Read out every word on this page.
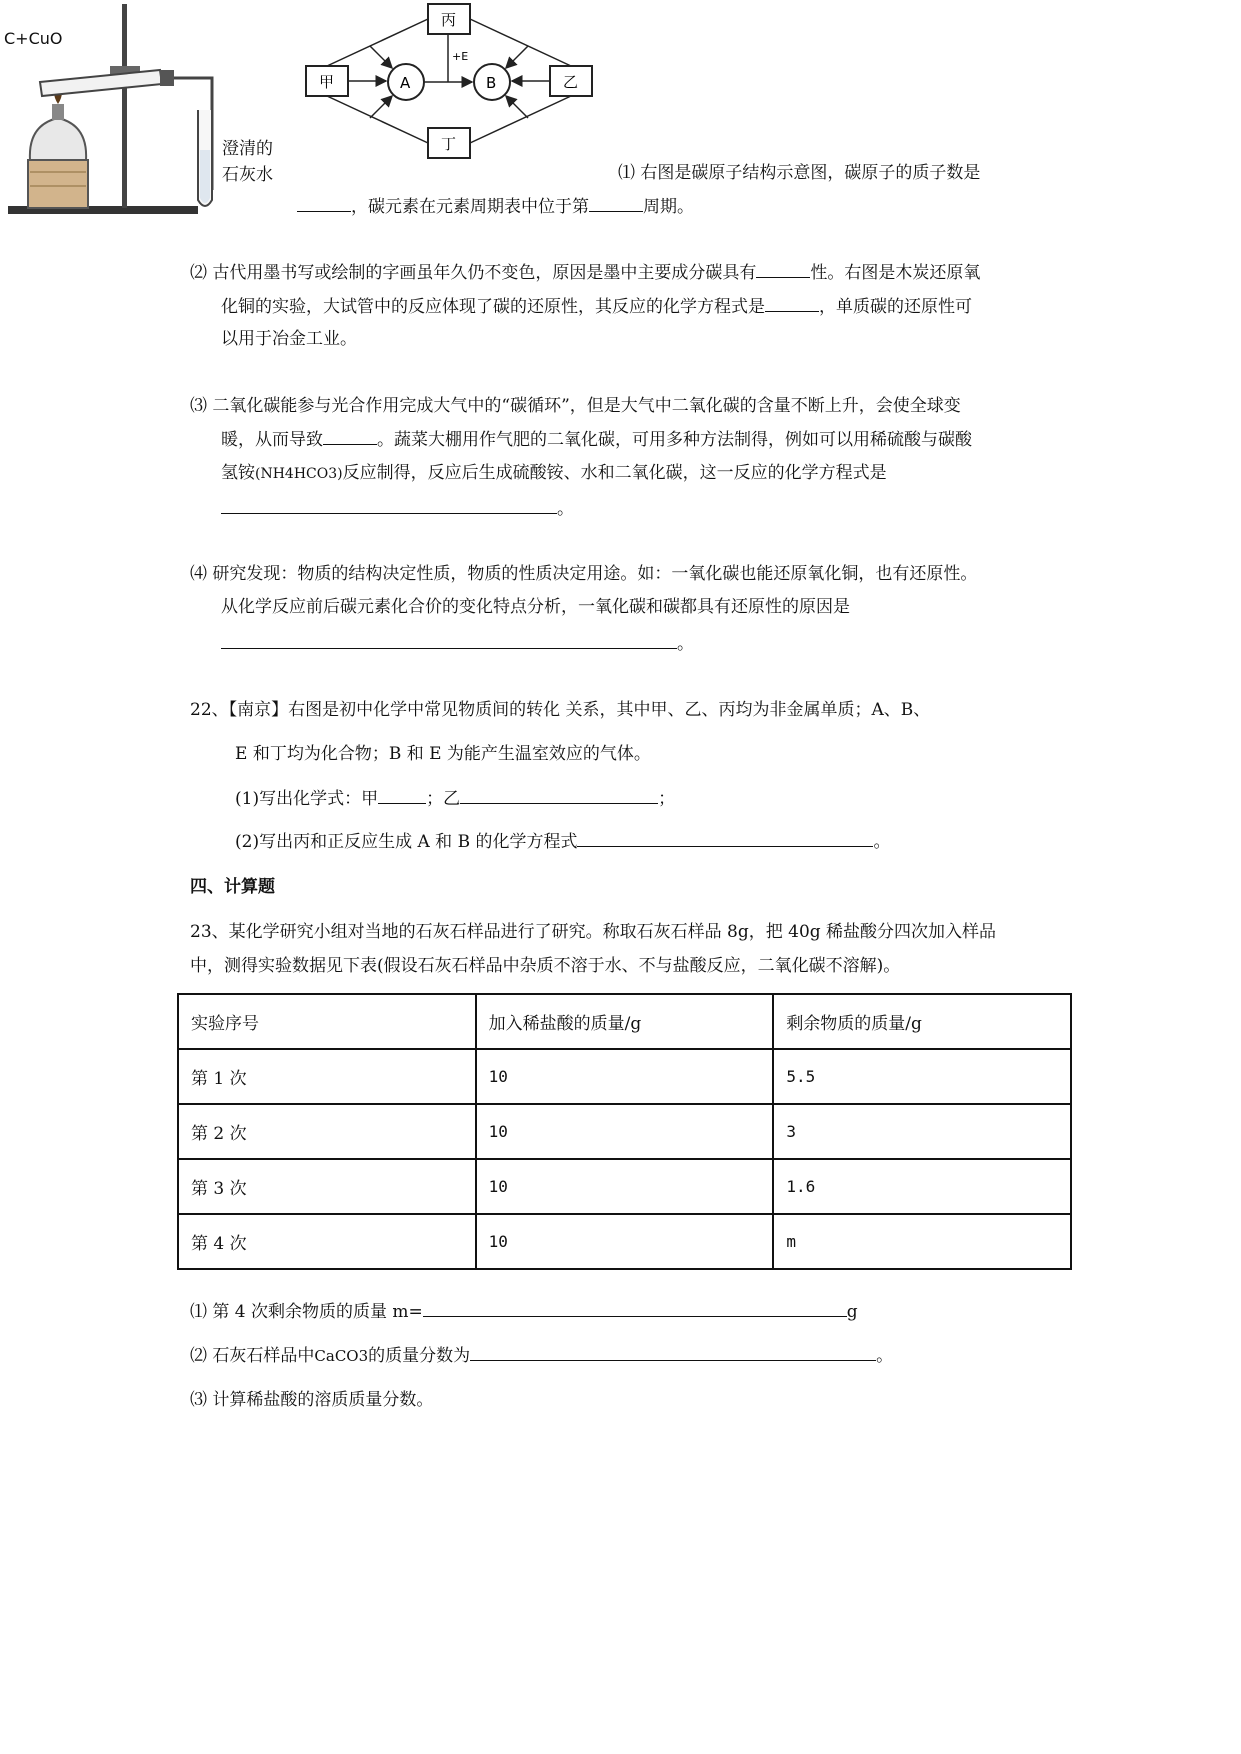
C+CuO
澄清的
石灰水
丙
甲	乙
丁
A	B
+E
⑴ 右图是碳原子结构示意图，碳原子的质子数是
，碳元素在元素周期表中位于第	周期。
⑵ 古代用墨书写或绘制的字画虽年久仍不变色，原因是墨中主要成分碳具有	性。右图是木炭还原氧
化铜的实验，大试管中的反应体现了碳的还原性，其反应的化学方程式是	，单质碳的还原性可
以用于冶金工业。
⑶ 二氧化碳能参与光合作用完成大气中的“碳循环”，但是大气中二氧化碳的含量不断上升，会使全球变
暖，从而导致	。蔬菜大棚用作气肥的二氧化碳，可用多种方法制得，例如可以用稀硫酸与碳酸
氢铵(NH4HCO3)反应制得，反应后生成硫酸铵、水和二氧化碳，这一反应的化学方程式是
。
⑷ 研究发现：物质的结构决定性质，物质的性质决定用途。如：一氧化碳也能还原氧化铜，也有还原性。
从化学反应前后碳元素化合价的变化特点分析，一氧化碳和碳都具有还原性的原因是
。
22、【南京】右图是初中化学中常见物质间的转化 关系，其中甲、乙、丙均为非金属单质；A、B、
E 和丁均为化合物；B 和 E 为能产生温室效应的气体。
(1)写出化学式：甲	；乙	；
(2)写出丙和正反应生成 A 和 B 的化学方程式	。
四、计算题
23、某化学研究小组对当地的石灰石样品进行了研究。称取石灰石样品 8g，把 40g 稀盐酸分四次加入样品
中，测得实验数据见下表(假设石灰石样品中杂质不溶于水、不与盐酸反应，二氧化碳不溶解)。
实验序号	加入稀盐酸的质量/g	剩余物质的质量/g
第 1 次	10	5.5
第 2 次	10	3
第 3 次	10	1.6
第 4 次	10	m
⑴ 第 4 次剩余物质的质量 m=	g
⑵ 石灰石样品中CaCO3的质量分数为	。
⑶ 计算稀盐酸的溶质质量分数。
